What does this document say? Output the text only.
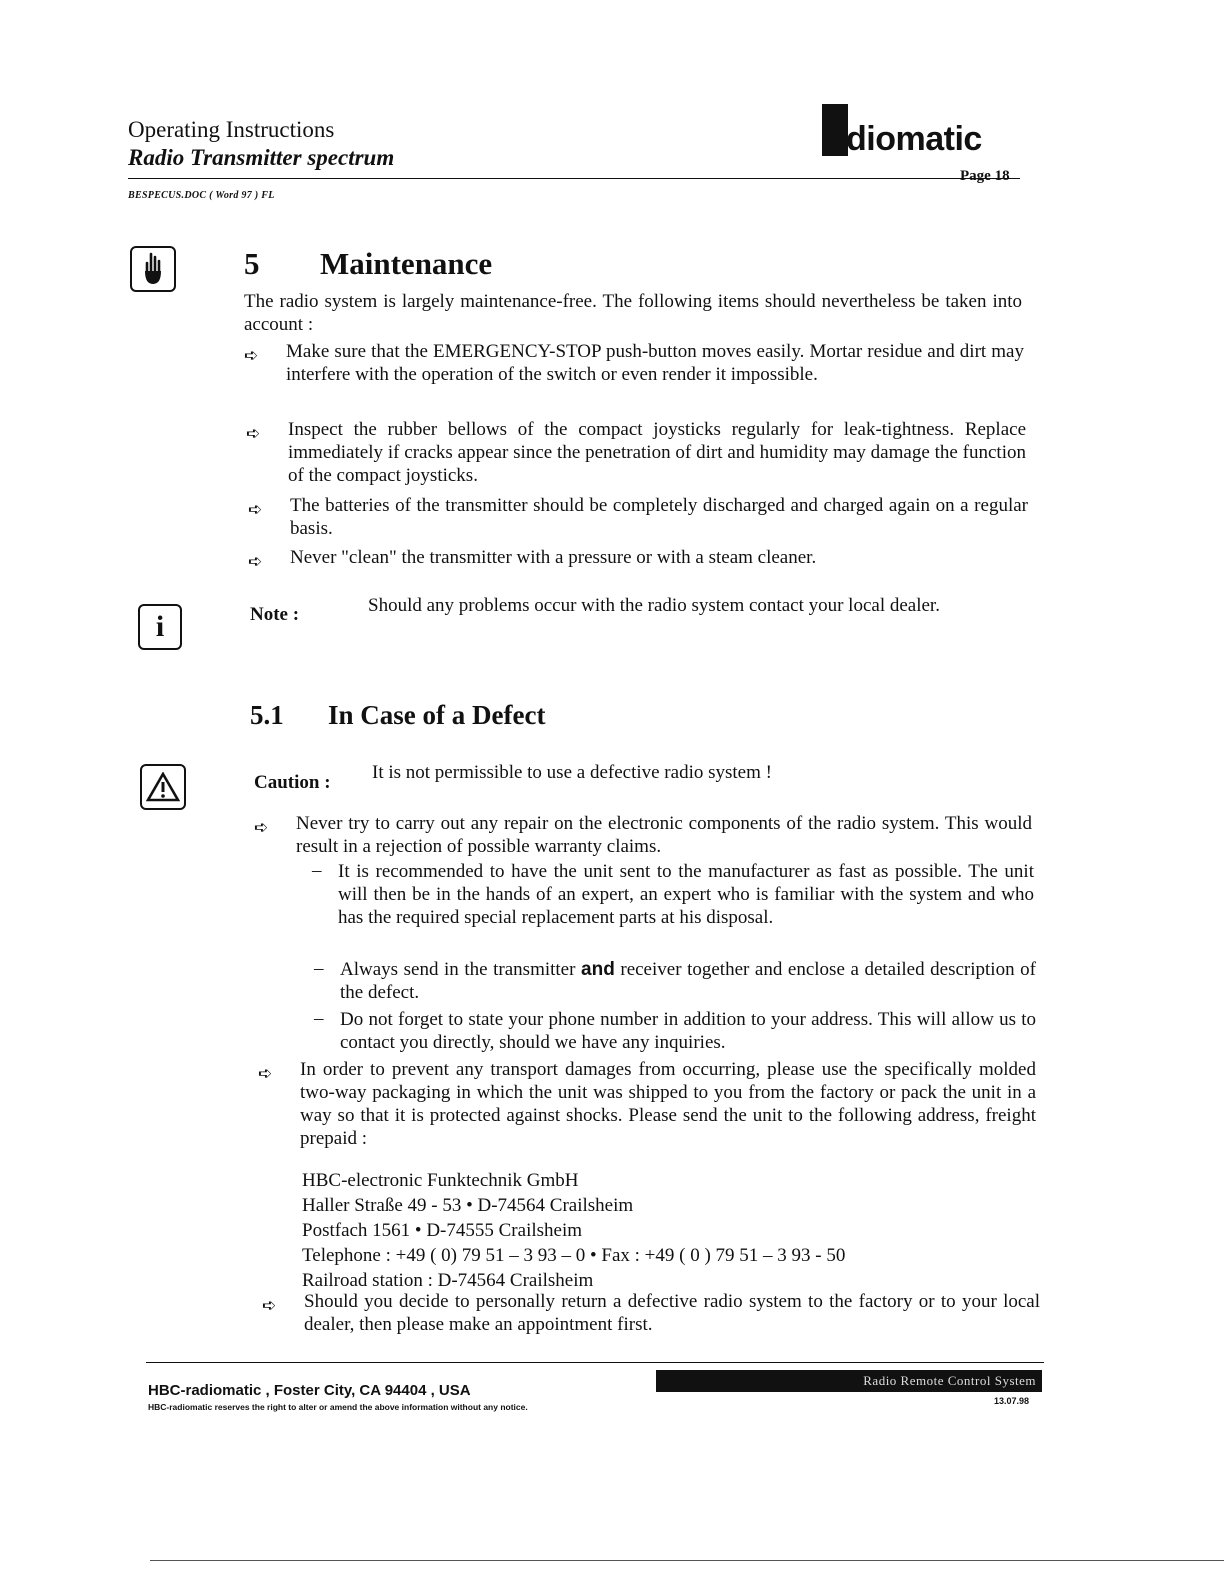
Operating Instructions
Radio Transmitter spectrum
BESPECUS.DOC ( Word 97 ) FL
diomatic
Page 18
i
5 Maintenance
The radio system is largely maintenance-free. The following items should nevertheless be taken into account :
➪ Make sure that the EMERGENCY-STOP push-button moves easily. Mortar residue and dirt may interfere with the operation of the switch or even render it impossible.
➪ Inspect the rubber bellows of the compact joysticks regularly for leak-tightness. Replace immediately if cracks appear since the penetration of dirt and humidity may damage the function of the compact joysticks.
➪ The batteries of the transmitter should be completely discharged and charged again on a regular basis.
➪ Never "clean" the transmitter with a pressure or with a steam cleaner.
Note :	Should any problems occur with the radio system contact your local dealer.
5.1 In Case of a Defect
Caution : It is not permissible to use a defective radio system !
➪ Never try to carry out any repair on the electronic components of the radio system. This would result in a rejection of possible warranty claims.
– It is recommended to have the unit sent to the manufacturer as fast as possible. The unit will then be in the hands of an expert, an expert who is familiar with the system and who has the required special replacement parts at his disposal.
– Always send in the transmitter and receiver together and enclose a detailed description of the defect.
– Do not forget to state your phone number in addition to your address. This will allow us to contact you directly, should we have any inquiries.
➪ In order to prevent any transport damages from occurring, please use the specifically molded two-way packaging in which the unit was shipped to you from the factory or pack the unit in a way so that it is protected against shocks. Please send the unit to the following address, freight prepaid :
HBC-electronic Funktechnik GmbH
Haller Straße 49 - 53 • D-74564 Crailsheim
Postfach 1561 • D-74555 Crailsheim
Telephone : +49 ( 0) 79 51 – 3 93 – 0 • Fax : +49 ( 0 ) 79 51 – 3 93 - 50
Railroad station : D-74564 Crailsheim
➪ Should you decide to personally return a defective radio system to the factory or to your local dealer, then please make an appointment first.
HBC-radiomatic , Foster City, CA 94404 , USA
HBC-radiomatic reserves the right to alter or amend the above information without any notice.
Radio Remote Control System
13.07.98
